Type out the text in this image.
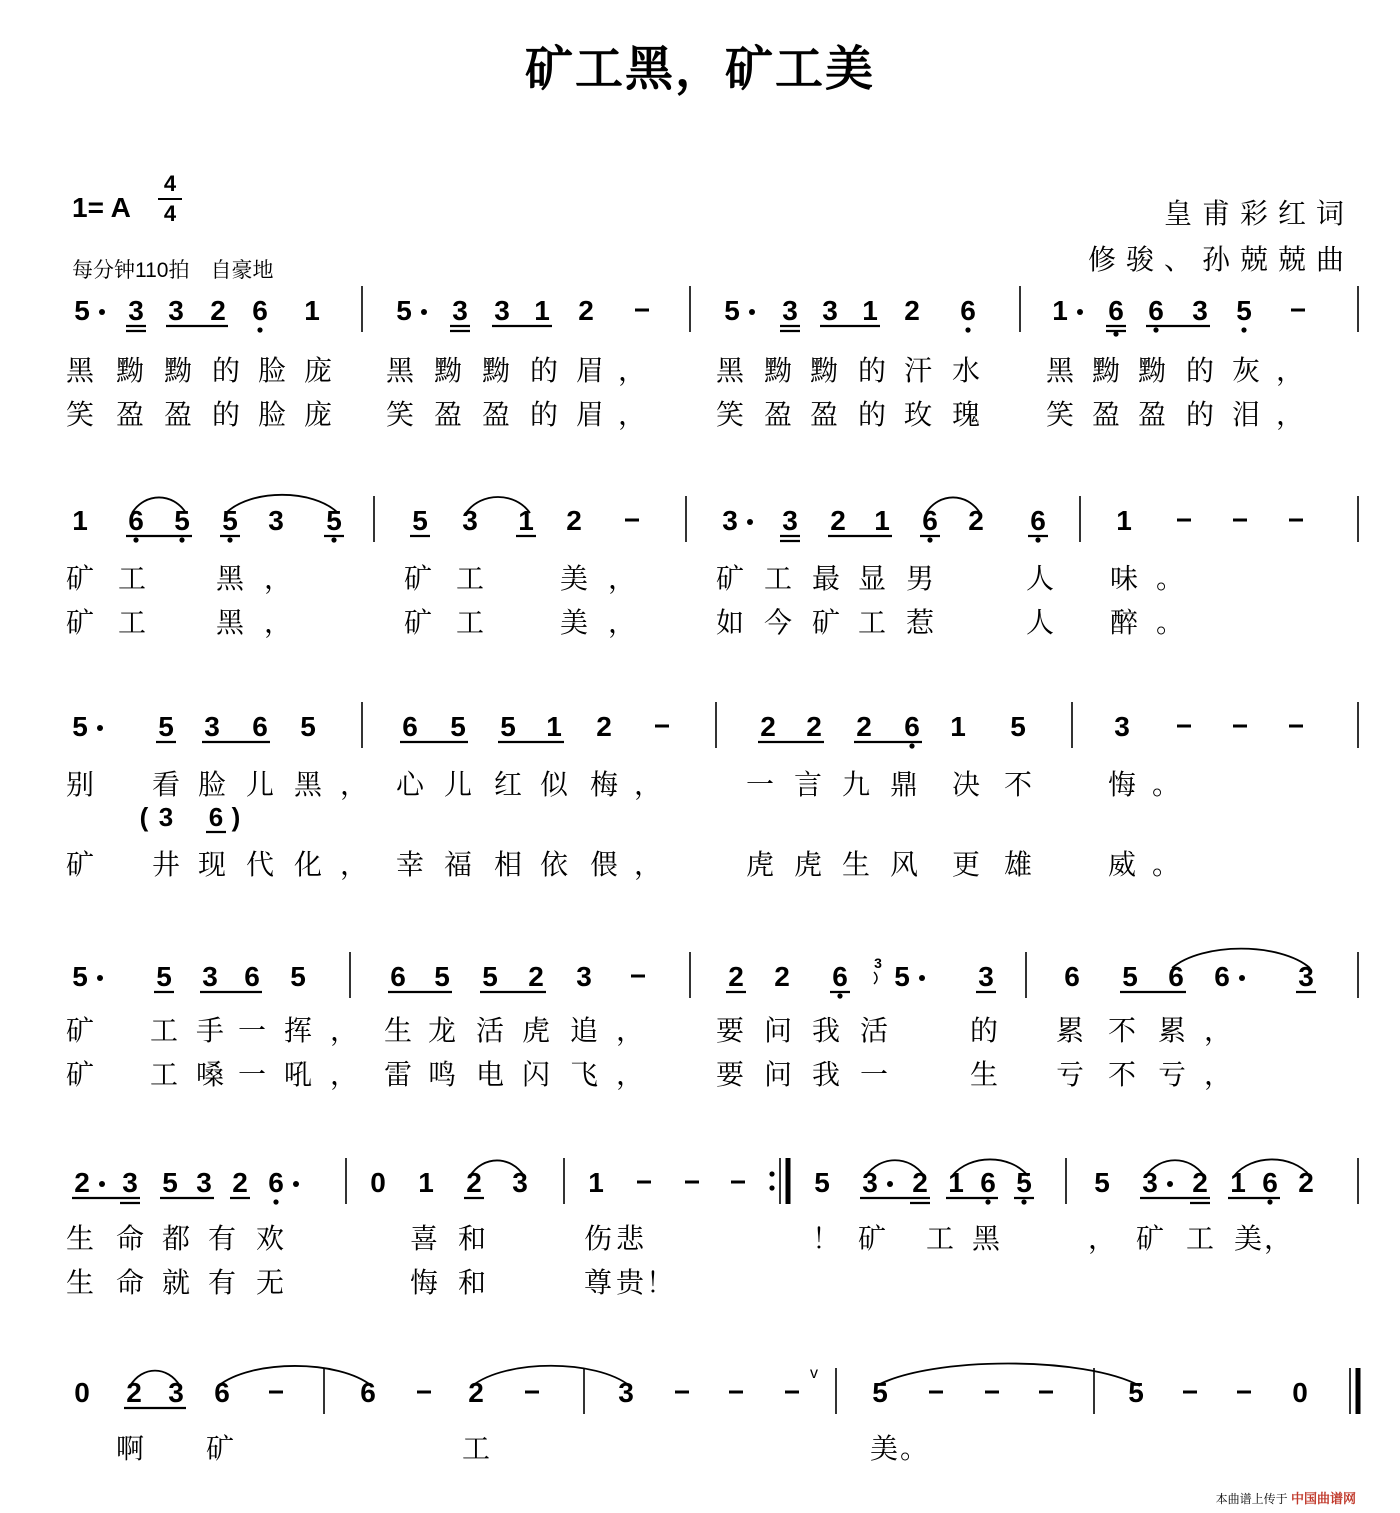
矿工黑，矿工美
1= A
4
4
每分钟110拍　自豪地
皇甫彩红词
修骏、孙兢兢曲
5 3 3 2 6 1	5 3 3 1 2	5 3 3 1 2 6	1 6 6 3 5
黑 黝 黝 的 脸 庞 黑 黝 黝 的 眉 ， 黑 黝 黝 的 汗 水 黑 黝 黝 的 灰 ，
笑 盈 盈 的 脸 庞 笑 盈 盈 的 眉 ， 笑 盈 盈 的 玫 瑰 笑 盈 盈 的 泪 ，
1 6 5 5 3 5	5 3 1 2	3 3 2 1 6 2 6	1
矿 工 黑 ，	矿 工	美 ，	矿 工 最 显 男	人 味 。
矿 工 黑 ，	矿 工	美 ，	如 今 矿 工 惹	人 醉 。
5	5 3 6 5	6 5 5 1 2	2 2 2 6 1 5	3
( 3 6 )
别 看 脸 儿 黑 ， 心 儿 红 似 梅 ，	一 言 九 鼎 决 不	悔 。
矿 井 现 代 化 ， 幸 福 相 依 偎 ，	虎 虎 生 风 更 雄	威 。
5 5 3 6 5	6 5 5 2 3	2 2 6 5 3	6 5 6 6 3
3
矿 工 手 一 挥 ， 生 龙 活 虎 追 ，	要 问 我 活	的 累 不 累 ，
矿 工 嗓 一 吼 ， 雷 鸣 电 闪 飞 ，	要 问 我 一	生 亏 不 亏 ，
2 3 5 3 2 6	0 1 2 3 1	5 3 2 1 6 5 5 3 2 1 6 2
生 命 都 有 欢	喜 和	伤 悲	！ 矿 工 黑	， 矿 工 美 ，
生 命 就 有 无	悔 和	尊 贵 ！
0 2 3 6	6	2	3	5	5	0
v
啊 矿	工	美 。
本曲谱上传于 中国曲谱网
